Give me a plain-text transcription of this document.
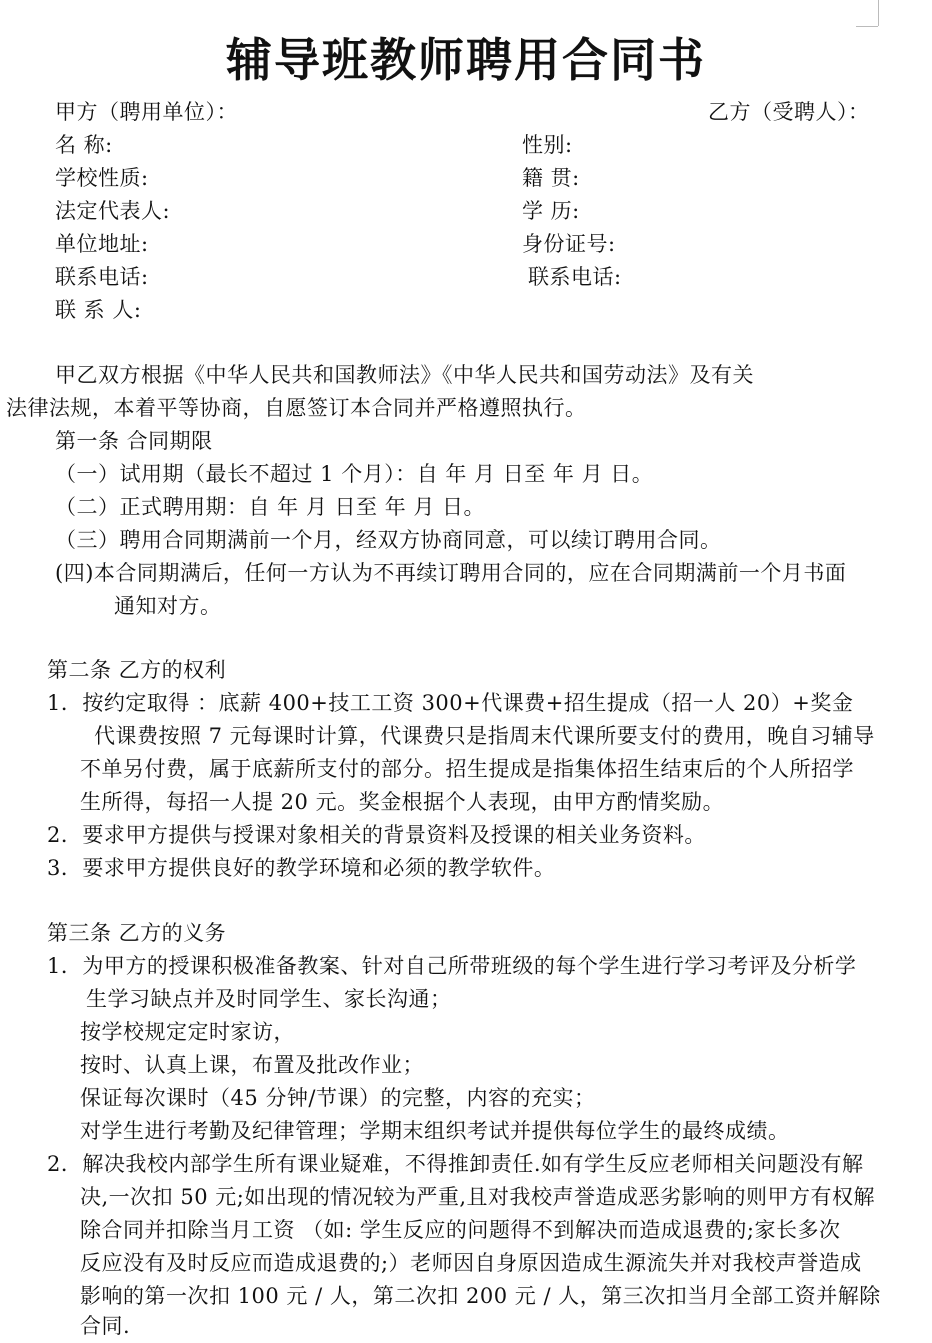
辅导班教师聘用合同书
甲方（聘用单位）：	乙方（受聘人）：
名 称:
学校性质:
法定代表人:
单位地址:
联系电话:
联 系 人:
性别:
籍 贯:
学 历:
身份证号:
联系电话:
甲乙双方根据《中华人民共和国教师法》《中华人民共和国劳动法》及有关
法律法规，本着平等协商，自愿签订本合同并严格遵照执行。
第一条 合同期限
（一）试用期（最长不超过 1 个月）：自 年 月 日至 年 月 日。
（二）正式聘用期：自 年 月 日至 年 月 日。
（三）聘用合同期满前一个月，经双方协商同意，可以续订聘用合同。
(四)本合同期满后，任何一方认为不再续订聘用合同的，应在合同期满前一个月书面
通知对方。
第二条 乙方的权利
1．按约定取得 ：底薪 400+技工工资 300+代课费+招生提成（招一人 20）+奖金
代课费按照 7 元每课时计算，代课费只是指周末代课所要支付的费用，晚自习辅导
不单另付费，属于底薪所支付的部分。招生提成是指集体招生结束后的个人所招学
生所得，每招一人提 20 元。奖金根据个人表现，由甲方酌情奖励。
2．要求甲方提供与授课对象相关的背景资料及授课的相关业务资料。
3．要求甲方提供良好的教学环境和必须的教学软件。
第三条 乙方的义务
1．为甲方的授课积极准备教案、针对自己所带班级的每个学生进行学习考评及分析学
生学习缺点并及时同学生、家长沟通；
按学校规定定时家访，
按时、认真上课，布置及批改作业；
保证每次课时（45 分钟/节课）的完整，内容的充实；
对学生进行考勤及纪律管理；学期末组织考试并提供每位学生的最终成绩。
2．解决我校内部学生所有课业疑难，不得推卸责任.如有学生反应老师相关问题没有解
决,一次扣 50 元;如出现的情况较为严重,且对我校声誉造成恶劣影响的则甲方有权解
除合同并扣除当月工资 （如: 学生反应的问题得不到解决而造成退费的;家长多次
反应没有及时反应而造成退费的;）老师因自身原因造成生源流失并对我校声誉造成
影响的第一次扣 100 元 / 人，第二次扣 200 元 / 人，第三次扣当月全部工资并解除
合同.
